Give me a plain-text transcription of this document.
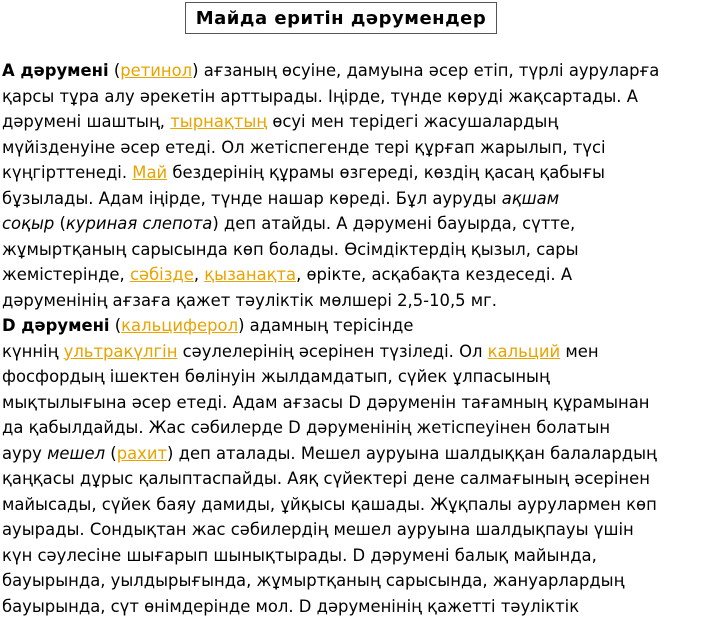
Майда еритін дәрумендер
А дәрумені (ретинол) ағзаның өсуіне, дамуына әсер етіп, түрлі ауруларға
қарсы тұра алу әрекетін арттырады. Іңірде, түнде көруді жақсартады. А
дәрумені шаштың, тырнақтың өсуі мен терідегі жасушалардың
мүйізденуіне әсер етеді. Ол жетіспегенде тері құрғап жарылып, түсі
күңгірттенеді. Май бездерінің құрамы өзгереді, көздің қасаң қабығы
бұзылады. Адам іңірде, түнде нашар көреді. Бұл ауруды ақшам
соқыр (куриная слепота) деп атайды. А дәрумені бауырда, сүтте,
жұмыртқаның сарысында көп болады. Өсімдіктердің қызыл, сары
жемістерінде, сәбізде, қызанақта, өрікте, асқабақта кездеседі. А
дәруменінің ағзаға қажет тәуліктік мөлшері 2,5-10,5 мг.
D дәрумені (кальциферол) адамның терісінде
күннің ультракүлгін сәулелерінің әсерінен түзіледі. Ол кальций мен
фосфордың ішектен бөлінуін жылдамдатып, сүйек ұлпасының
мықтылығына әсер етеді. Адам ағзасы D дәруменін тағамның құрамынан
да қабылдайды. Жас сәбилерде D дәруменінің жетіспеуінен болатын
ауру мешел (рахит) деп аталады. Мешел ауруына шалдыққан балалардың
қаңқасы дұрыс қалыптаспайды. Аяқ сүйектері дене салмағының әсерінен
майысады, сүйек баяу дамиды, ұйқысы қашады. Жұқпалы аурулармен көп
ауырады. Сондықтан жас сәбилердің мешел ауруына шалдықпауы үшін
күн сәулесіне шығарып шынықтырады. D дәрумені балық майында,
бауырында, уылдырығында, жұмыртқаның сарысында, жануарлардың
бауырында, сүт өнімдерінде мол. D дәруменінің қажетті тәуліктік
